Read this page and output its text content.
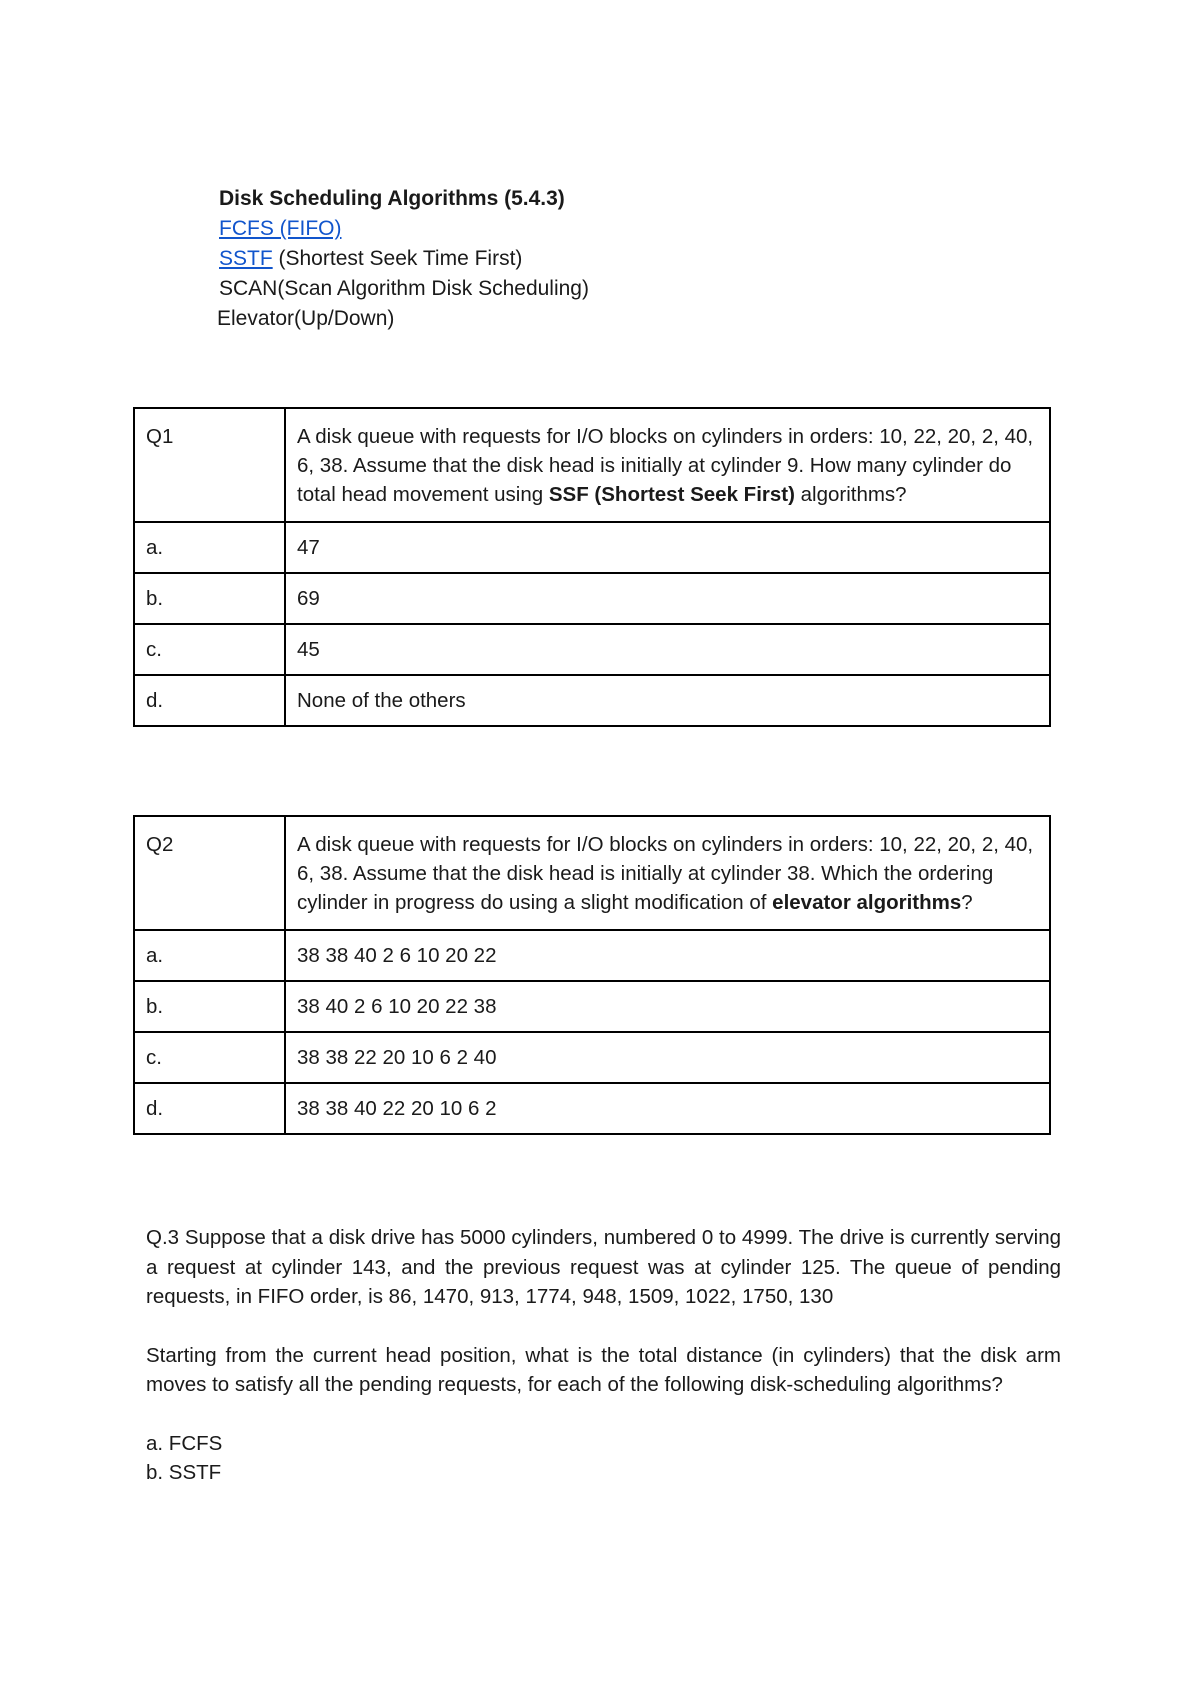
Disk Scheduling Algorithms (5.4.3)
FCFS (FIFO)
SSTF (Shortest Seek Time First)
SCAN(Scan Algorithm Disk Scheduling)
Elevator(Up/Down)
Q1	A disk queue with requests for I/O blocks on cylinders in orders: 10, 22, 20, 2, 40, 6, 38. Assume that the disk head is initially at cylinder 9. How many cylinder do total head movement using SSF (Shortest Seek First) algorithms?
a.	47
b.	69
c.	45
d.	None of the others
Q2	A disk queue with requests for I/O blocks on cylinders in orders: 10, 22, 20, 2, 40, 6, 38. Assume that the disk head is initially at cylinder 38. Which the ordering cylinder in progress do using a slight modification of elevator algorithms?
a.	38 38 40 2 6 10 20 22
b.	38 40 2 6 10 20 22 38
c.	38 38 22 20 10 6 2 40
d.	38 38 40 22 20 10 6 2

Q.3 Suppose that a disk drive has 5000 cylinders, numbered 0 to 4999. The drive is currently serving a request at cylinder 143, and the previous request was at cylinder 125. The queue of pending requests, in FIFO order, is 86, 1470, 913, 1774, 948, 1509, 1022, 1750, 130

Starting from the current head position, what is the total distance (in cylinders) that the disk arm moves to satisfy all the pending requests, for each of the following disk-scheduling algorithms?

a. FCFS
b. SSTF
